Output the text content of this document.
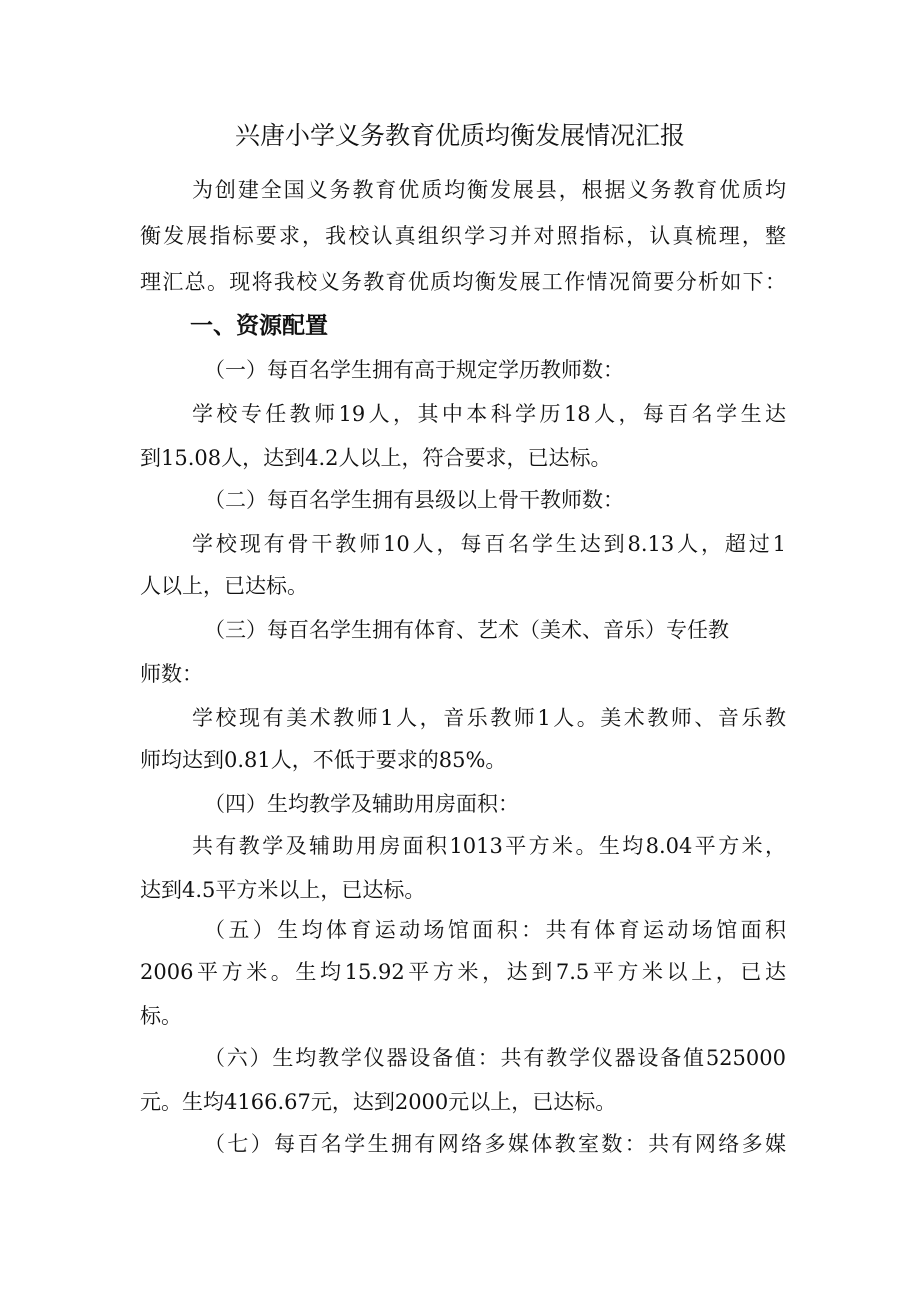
兴唐小学义务教育优质均衡发展情况汇报
为创建全国义务教育优质均衡发展县，根据义务教育优质均
衡发展指标要求，我校认真组织学习并对照指标，认真梳理，整
理汇总。现将我校义务教育优质均衡发展工作情况简要分析如下：
一、资源配置
（一）每百名学生拥有高于规定学历教师数：
学校专任教师19人，其中本科学历18人，每百名学生达
到15.08人，达到4.2人以上，符合要求，已达标。
（二）每百名学生拥有县级以上骨干教师数：
学校现有骨干教师10人，每百名学生达到8.13人，超过1
人以上，已达标。
（三）每百名学生拥有体育、艺术（美术、音乐）专任教
师数：
学校现有美术教师1人，音乐教师1人。美术教师、音乐教
师均达到0.81人，不低于要求的85%。
（四）生均教学及辅助用房面积：
共有教学及辅助用房面积1013平方米。生均8.04平方米，
达到4.5平方米以上，已达标。
（五）生均体育运动场馆面积：共有体育运动场馆面积
2006平方米。生均15.92平方米，达到7.5平方米以上，已达
标。
（六）生均教学仪器设备值：共有教学仪器设备值525000
元。生均4166.67元，达到2000元以上，已达标。
（七）每百名学生拥有网络多媒体教室数：共有网络多媒
